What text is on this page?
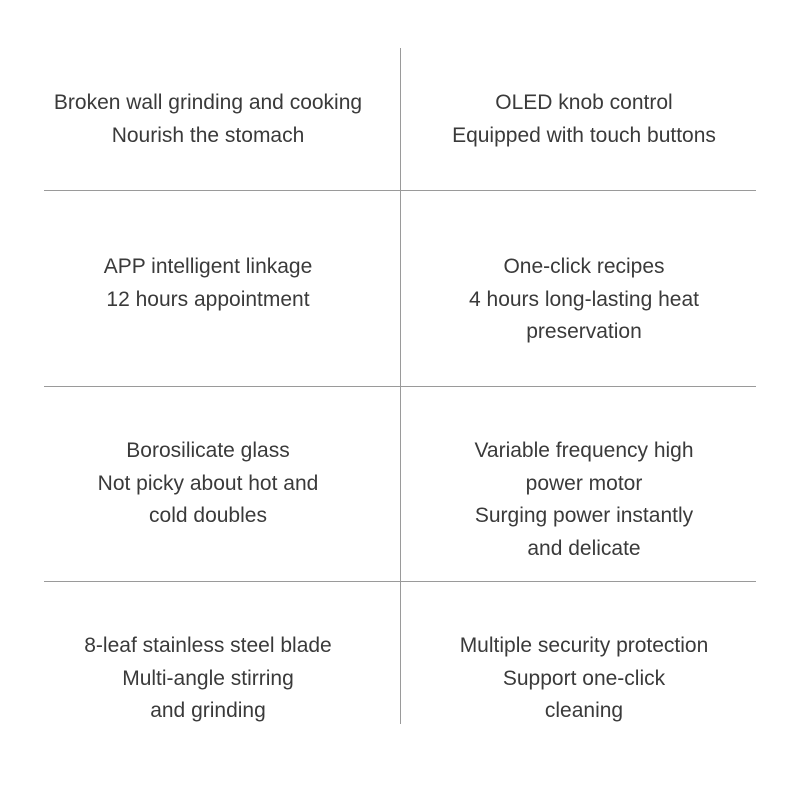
Broken wall grinding and cooking
Nourish the stomach
OLED knob control
Equipped with touch buttons
APP intelligent linkage
12 hours appointment
One-click recipes
4 hours long-lasting heat
preservation
Borosilicate glass
Not picky about hot and
cold doubles
Variable frequency high
power motor
Surging power instantly
and delicate
8-leaf stainless steel blade
Multi-angle stirring
and grinding
Multiple security protection
Support one-click
cleaning
